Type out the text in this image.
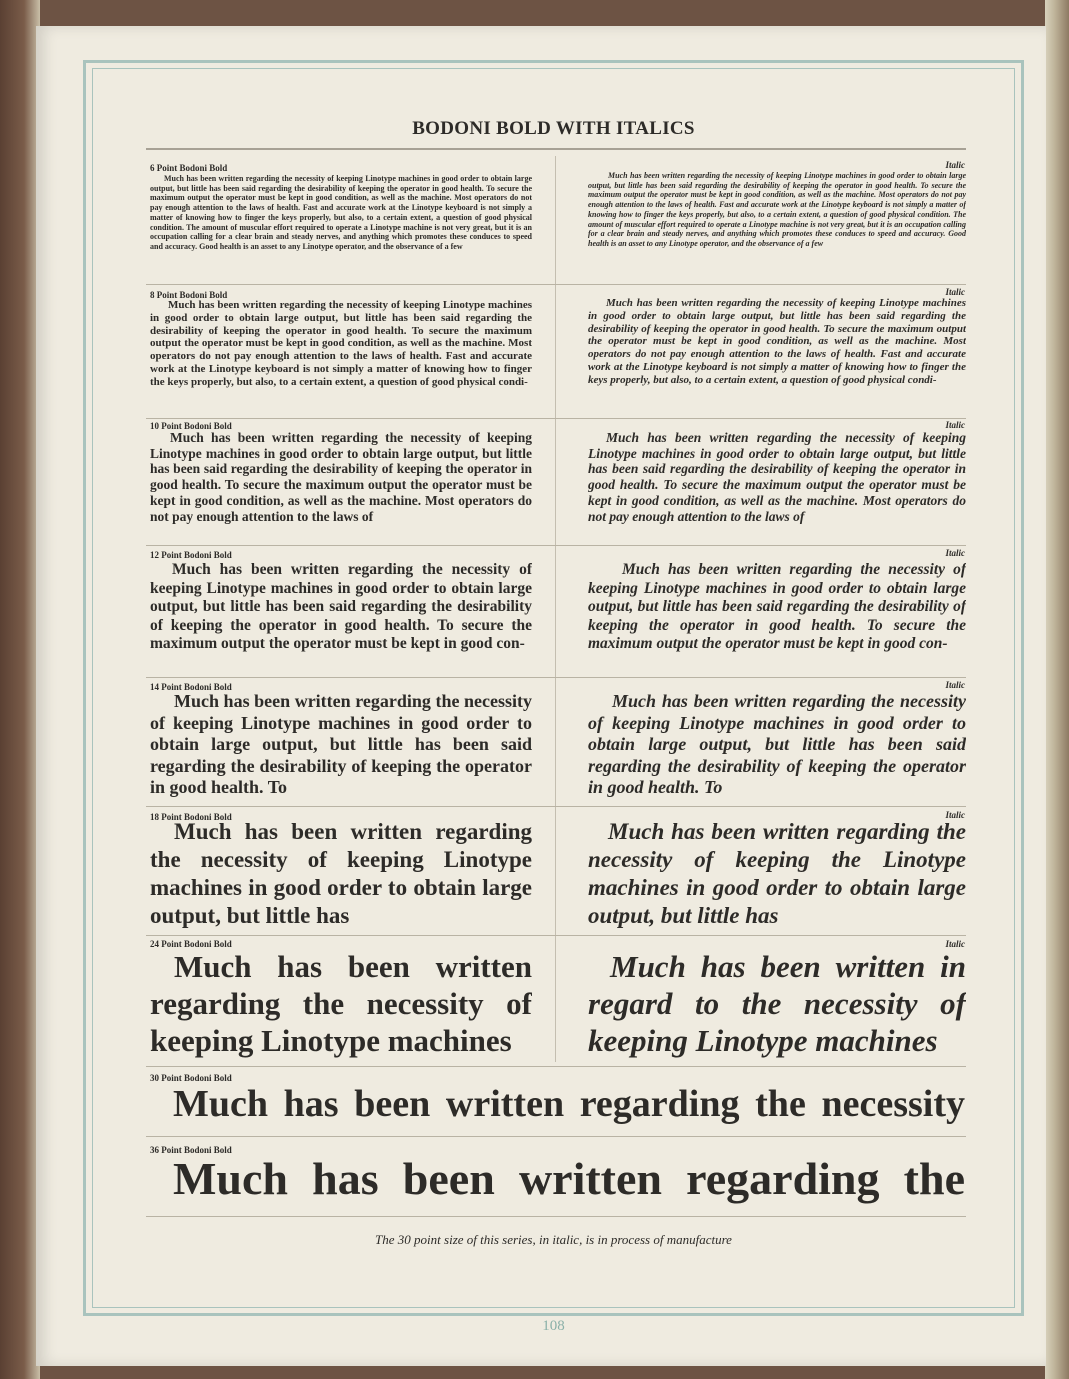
BODONI BOLD WITH ITALICS
6 Point Bodoni Bold	Italic

Much has been written regarding the necessity of keeping Linotype machines in good order to obtain large output, but little has been said regarding the desirability of keeping the operator in good health. To secure the maximum output the operator must be kept in good condition, as well as the machine. Most operators do not pay enough attention to the laws of health. Fast and accurate work at the Linotype keyboard is not simply a matter of knowing how to finger the keys properly, but also, to a certain extent, a question of good physical condition. The amount of muscular effort required to operate a Linotype machine is not very great, but it is an occupation calling for a clear brain and steady nerves, and anything which promotes these conduces to speed and accuracy. Good health is an asset to any Linotype operator, and the observance of a few

Much has been written regarding the necessity of keeping Linotype machines in good order to obtain large output, but little has been said regarding the desirability of keeping the operator in good health. To secure the maximum output the operator must be kept in good condition, as well as the machine. Most operators do not pay enough attention to the laws of health. Fast and accurate work at the Linotype keyboard is not simply a matter of knowing how to finger the keys properly, but also, to a certain extent, a question of good physical condition. The amount of muscular effort required to operate a Linotype machine is not very great, but it is an occupation calling for a clear brain and steady nerves, and anything which promotes these conduces to speed and accuracy. Good health is an asset to any Linotype operator, and the observance of a few

8 Point Bodoni Bold	Italic

Much has been written regarding the necessity of keeping Linotype machines in good order to obtain large output, but little has been said regarding the desirability of keeping the operator in good health. To secure the maximum output the operator must be kept in good condition, as well as the machine. Most operators do not pay enough attention to the laws of health. Fast and accurate work at the Linotype keyboard is not simply a matter of knowing how to finger the keys properly, but also, to a certain extent, a question of good physical condi-

Much has been written regarding the necessity of keeping Linotype machines in good order to obtain large output, but little has been said regarding the desirability of keeping the operator in good health. To secure the maximum output the operator must be kept in good condition, as well as the machine. Most operators do not pay enough attention to the laws of health. Fast and accurate work at the Linotype keyboard is not simply a matter of knowing how to finger the keys properly, but also, to a certain extent, a question of good physical condi-

10 Point Bodoni Bold	Italic

Much has been written regarding the necessity of keeping Linotype machines in good order to obtain large output, but little has been said regarding the desirability of keeping the operator in good health. To secure the maximum output the operator must be kept in good condition, as well as the machine. Most operators do not pay enough attention to the laws of

Much has been written regarding the necessity of keeping Linotype machines in good order to obtain large output, but little has been said regarding the desirability of keeping the operator in good health. To secure the maximum output the operator must be kept in good condition, as well as the machine. Most operators do not pay enough attention to the laws of

12 Point Bodoni Bold	Italic

Much has been written regarding the necessity of keeping Linotype machines in good order to obtain large output, but little has been said regarding the desirability of keeping the operator in good health. To secure the maximum output the operator must be kept in good con-

Much has been written regarding the necessity of keeping Linotype machines in good order to obtain large output, but little has been said regarding the desirability of keeping the operator in good health. To secure the maximum output the operator must be kept in good con-

14 Point Bodoni Bold	Italic

Much has been written regarding the necessity of keeping Linotype machines in good order to obtain large output, but little has been said regarding the desirability of keeping the operator in good health. To

Much has been written regarding the necessity of keeping Linotype machines in good order to obtain large output, but little has been said regarding the desirability of keeping the operator in good health. To

18 Point Bodoni Bold	Italic

Much has been written regarding the necessity of keeping Linotype machines in good order to obtain large output, but little has

Much has been written regarding the necessity of keeping the Linotype machines in good order to obtain large output, but little has

24 Point Bodoni Bold	Italic

Much has been written regarding the necessity of keeping Linotype machines

Much has been written in regard to the necessity of keeping Linotype machines

30 Point Bodoni Bold

Much has been written regarding the necessity

36 Point Bodoni Bold

Much has been written regarding the

The 30 point size of this series, in italic, is in process of manufacture
108
